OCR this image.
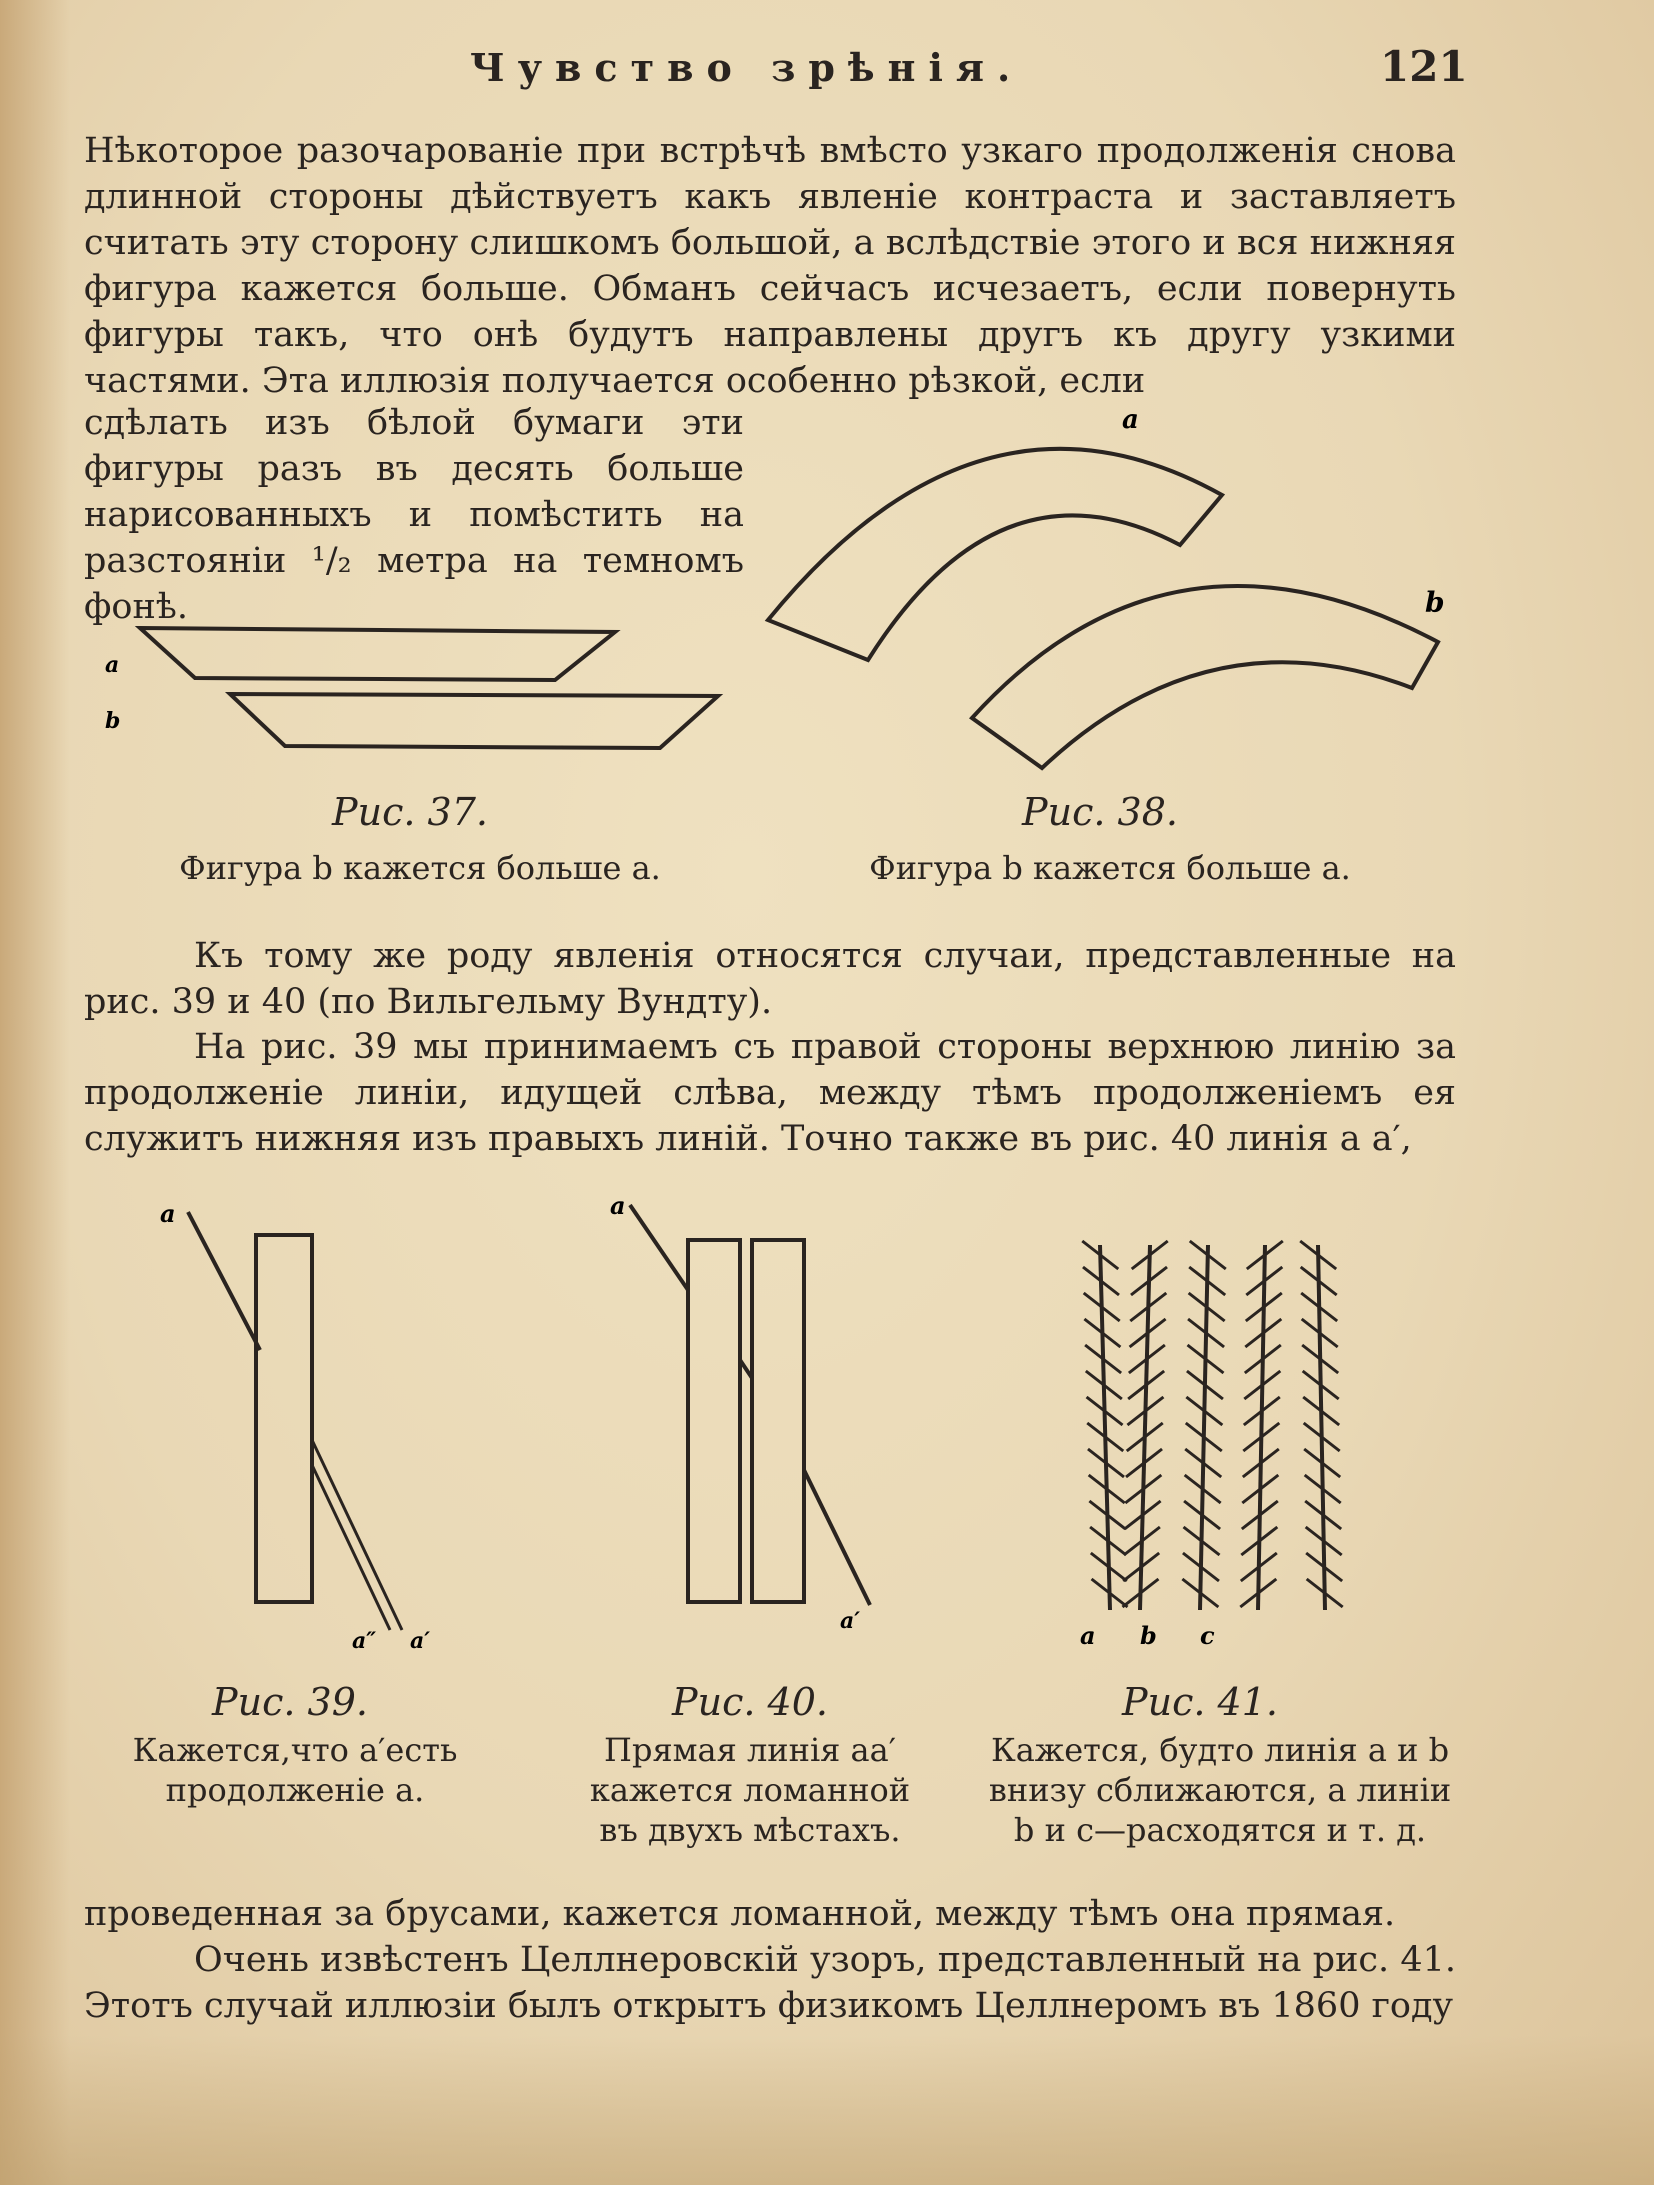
Чувство зрѣнія.	121

Нѣкоторое разочарованіе при встрѣчѣ вмѣсто узкаго продолженія снова длинной стороны дѣйствуетъ какъ явленіе контраста и заставляетъ считать эту сторону слишкомъ большой, а вслѣдствіе этого и вся нижняя фигура кажется больше. Обманъ сейчасъ исчезаетъ, если повернуть фигуры такъ, что онѣ будутъ направлены другъ къ другу узкими частями. Эта иллюзія получается особенно рѣзкой, если

сдѣлать изъ бѣлой бумаги эти фигуры разъ въ десять больше нарисованныхъ и помѣстить на разстояніи ¹/₂ метра на темномъ фонѣ.

a
b
a
b
a
a″ a′
a
a′	a b c
Рис. 37.
Фигура b кажется больше a.
Рис. 38.
Фигура b кажется больше a.

Къ тому же роду явленія относятся случаи, представленные на рис. 39 и 40 (по Вильгельму Вундту).

На рис. 39 мы принимаемъ съ правой стороны верхнюю линію за продолженіе линіи, идущей слѣва, между тѣмъ продолженіемъ ея служитъ нижняя изъ правыхъ линій. Точно также въ рис. 40 линія a a′,

Рис. 39.
Кажется,что a′есть
продолженіе a.
Рис. 40.
Прямая линія aa′
кажется ломанной
въ двухъ мѣстахъ.
Рис. 41.
Кажется, будто линія a и b
внизу сближаются, а линіи
b и c—расходятся и т. д.

проведенная за брусами, кажется ломанной, между тѣмъ она прямая.

Очень извѣстенъ Целлнеровскій узоръ, представленный на рис. 41. Этотъ случай иллюзіи былъ открытъ физикомъ Целлнеромъ въ 1860 году
